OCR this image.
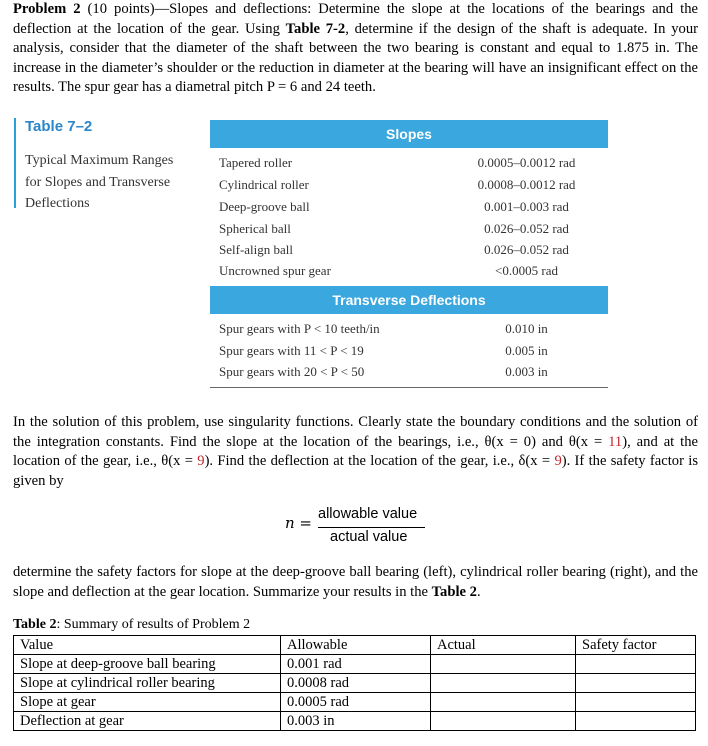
Problem 2 (10 points)—Slopes and deflections: Determine the slope at the locations of the bearings and the deflection at the location of the gear. Using Table 7-2, determine if the design of the shaft is adequate. In your analysis, consider that the diameter of the shaft between the two bearing is constant and equal to 1.875 in. The increase in the diameter’s shoulder or the reduction in diameter at the bearing will have an insignificant effect on the results. The spur gear has a diametral pitch P = 6 and 24 teeth.

Table 7–2
Typical Maximum Ranges for Slopes and Transverse Deflections
Slopes
Tapered roller	0.0005–0.0012 rad
Cylindrical roller	0.0008–0.0012 rad
Deep-groove ball	0.001–0.003 rad
Spherical ball	0.026–0.052 rad
Self-align ball	0.026–0.052 rad
Uncrowned spur gear	<0.0005 rad
Transverse Deflections
Spur gears with P < 10 teeth/in	0.010 in
Spur gears with 11 < P < 19	0.005 in
Spur gears with 20 < P < 50	0.003 in

In the solution of this problem, use singularity functions. Clearly state the boundary conditions and the solution of the integration constants. Find the slope at the location of the bearings, i.e., θ(x = 0) and θ(x = 11), and at the location of the gear, i.e., θ(x = 9). Find the deflection at the location of the gear, i.e., δ(x = 9). If the safety factor is given by

n = allowable value
actual value

determine the safety factors for slope at the deep-groove ball bearing (left), cylindrical roller bearing (right), and the slope and deflection at the gear location. Summarize your results in the Table 2.

Table 2: Summary of results of Problem 2
Value	Allowable	Actual	Safety factor
Slope at deep-groove ball bearing	0.001 rad		
Slope at cylindrical roller bearing	0.0008 rad		
Slope at gear	0.0005 rad		
Deflection at gear	0.003 in		
